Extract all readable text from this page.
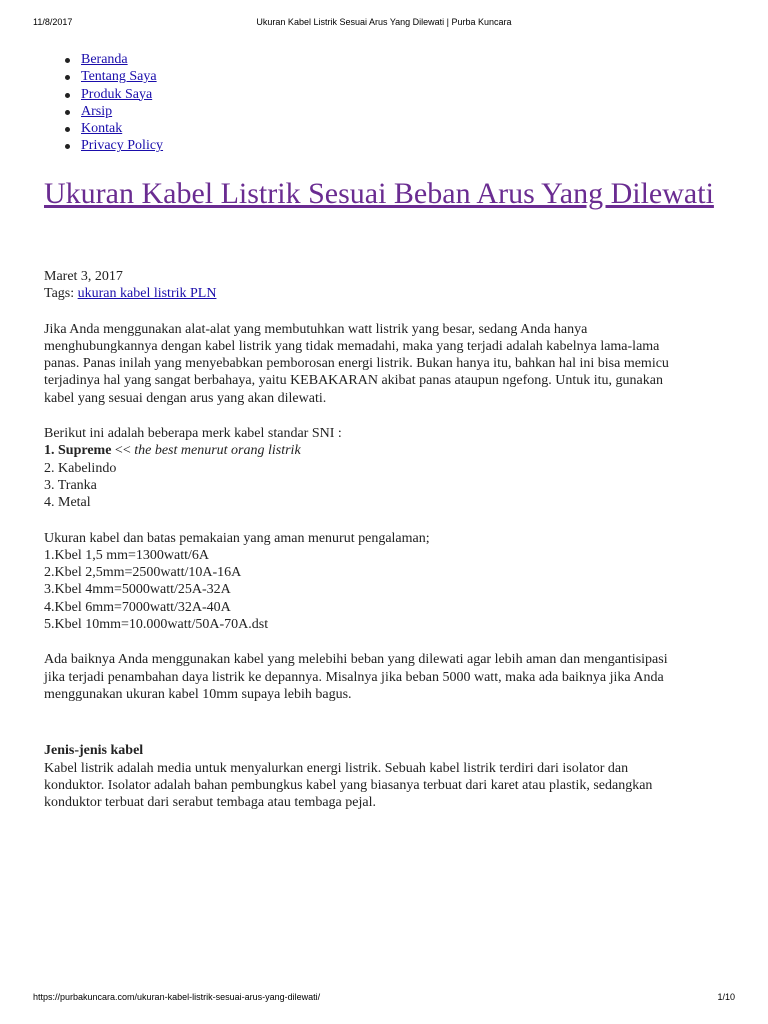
11/8/2017	Ukuran Kabel Listrik Sesuai Arus Yang Dilewati | Purba Kuncara
Beranda
Tentang Saya
Produk Saya
Arsip
Kontak
Privacy Policy
Ukuran Kabel Listrik Sesuai Beban Arus Yang Dilewati

Maret 3, 2017

Tags: ukuran kabel listrik PLN

Jika Anda menggunakan alat-alat yang membutuhkan watt listrik yang besar, sedang Anda hanya
menghubungkannya dengan kabel listrik yang tidak memadahi, maka yang terjadi adalah kabelnya lama-lama
panas. Panas inilah yang menyebabkan pemborosan energi listrik. Bukan hanya itu, bahkan hal ini bisa memicu
terjadinya hal yang sangat berbahaya, yaitu KEBAKARAN akibat panas ataupun ngefong. Untuk itu, gunakan
kabel yang sesuai dengan arus yang akan dilewati.

Berikut ini adalah beberapa merk kabel standar SNI :
1. Supreme << the best menurut orang listrik
2. Kabelindo
3. Tranka
4. Metal

Ukuran kabel dan batas pemakaian yang aman menurut pengalaman;
1.Kbel 1,5 mm=1300watt/6A
2.Kbel 2,5mm=2500watt/10A-16A
3.Kbel 4mm=5000watt/25A-32A
4.Kbel 6mm=7000watt/32A-40A
5.Kbel 10mm=10.000watt/50A-70A.dst

Ada baiknya Anda menggunakan kabel yang melebihi beban yang dilewati agar lebih aman dan mengantisipasi
jika terjadi penambahan daya listrik ke depannya. Misalnya jika beban 5000 watt, maka ada baiknya jika Anda
menggunakan ukuran kabel 10mm supaya lebih bagus.

Jenis-jenis kabel
Kabel listrik adalah media untuk menyalurkan energi listrik. Sebuah kabel listrik terdiri dari isolator dan
konduktor. Isolator adalah bahan pembungkus kabel yang biasanya terbuat dari karet atau plastik, sedangkan
konduktor terbuat dari serabut tembaga atau tembaga pejal.

https://purbakuncara.com/ukuran-kabel-listrik-sesuai-arus-yang-dilewati/	1/10
